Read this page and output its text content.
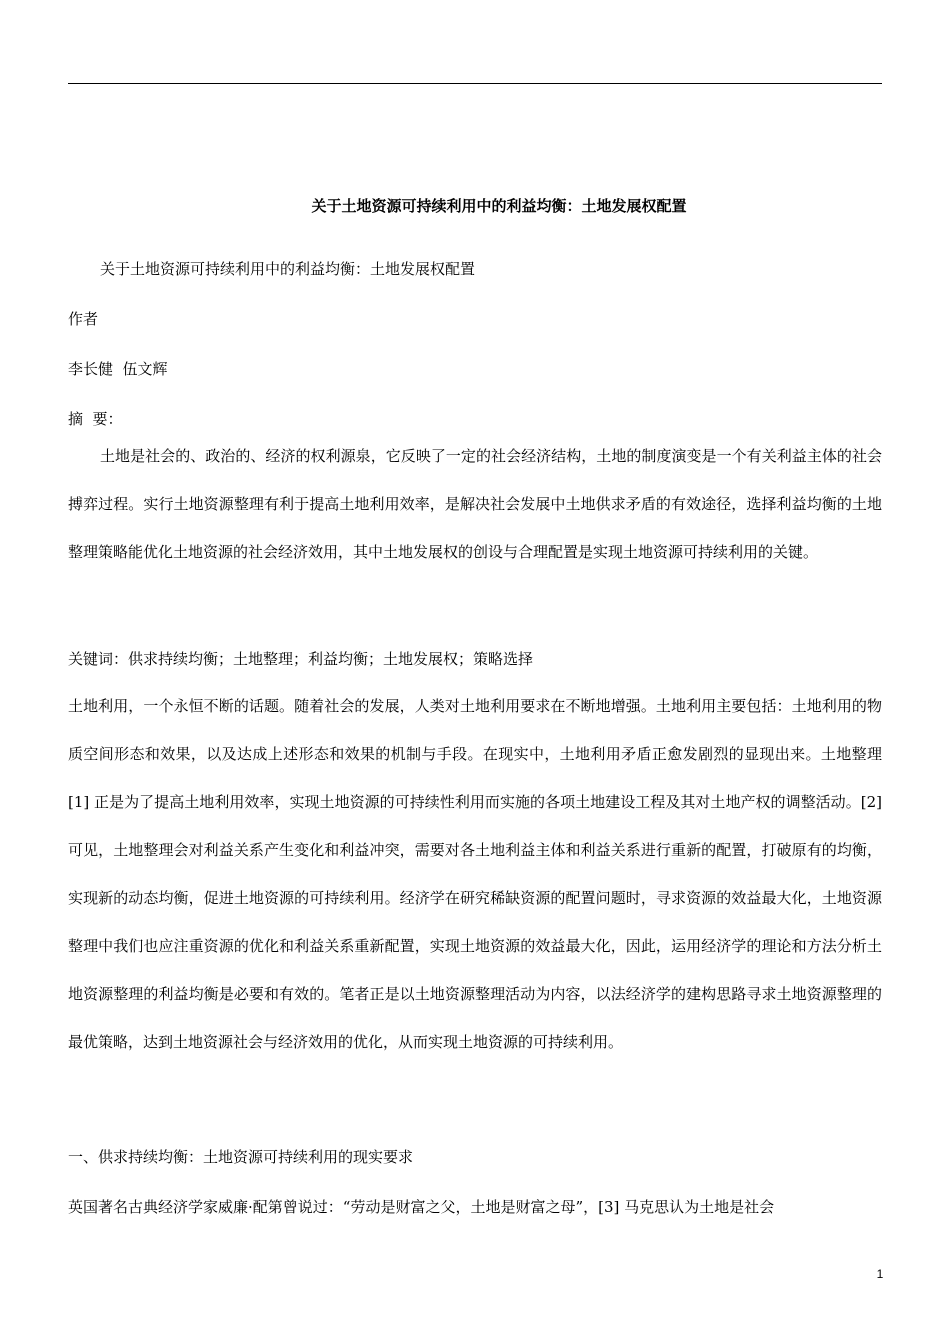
关于土地资源可持续利用中的利益均衡：土地发展权配置
关于土地资源可持续利用中的利益均衡：土地发展权配置
作者
李长健  伍文辉
摘  要：
土地是社会的、政治的、经济的权利源泉，它反映了一定的社会经济结构，土地的制度演变是一个有关利益主体的社会搏弈过程。实行土地资源整理有利于提高土地利用效率，是解决社会发展中土地供求矛盾的有效途径，选择利益均衡的土地整理策略能优化土地资源的社会经济效用，其中土地发展权的创设与合理配置是实现土地资源可持续利用的关键。
关键词：供求持续均衡；土地整理；利益均衡；土地发展权；策略选择
土地利用，一个永恒不断的话题。随着社会的发展，人类对土地利用要求在不断地增强。土地利用主要包括：土地利用的物质空间形态和效果，以及达成上述形态和效果的机制与手段。在现实中，土地利用矛盾正愈发剧烈的显现出来。土地整理[1] 正是为了提高土地利用效率，实现土地资源的可持续性利用而实施的各项土地建设工程及其对土地产权的调整活动。[2] 可见，土地整理会对利益关系产生变化和利益冲突，需要对各土地利益主体和利益关系进行重新的配置，打破原有的均衡，实现新的动态均衡，促进土地资源的可持续利用。经济学在研究稀缺资源的配置问题时，寻求资源的效益最大化，土地资源整理中我们也应注重资源的优化和利益关系重新配置，实现土地资源的效益最大化，因此，运用经济学的理论和方法分析土地资源整理的利益均衡是必要和有效的。笔者正是以土地资源整理活动为内容，以法经济学的建构思路寻求土地资源整理的最优策略，达到土地资源社会与经济效用的优化，从而实现土地资源的可持续利用。
一、供求持续均衡：土地资源可持续利用的现实要求
英国著名古典经济学家威廉·配第曾说过：“劳动是财富之父，土地是财富之母”，[3] 马克思认为土地是社会
1
